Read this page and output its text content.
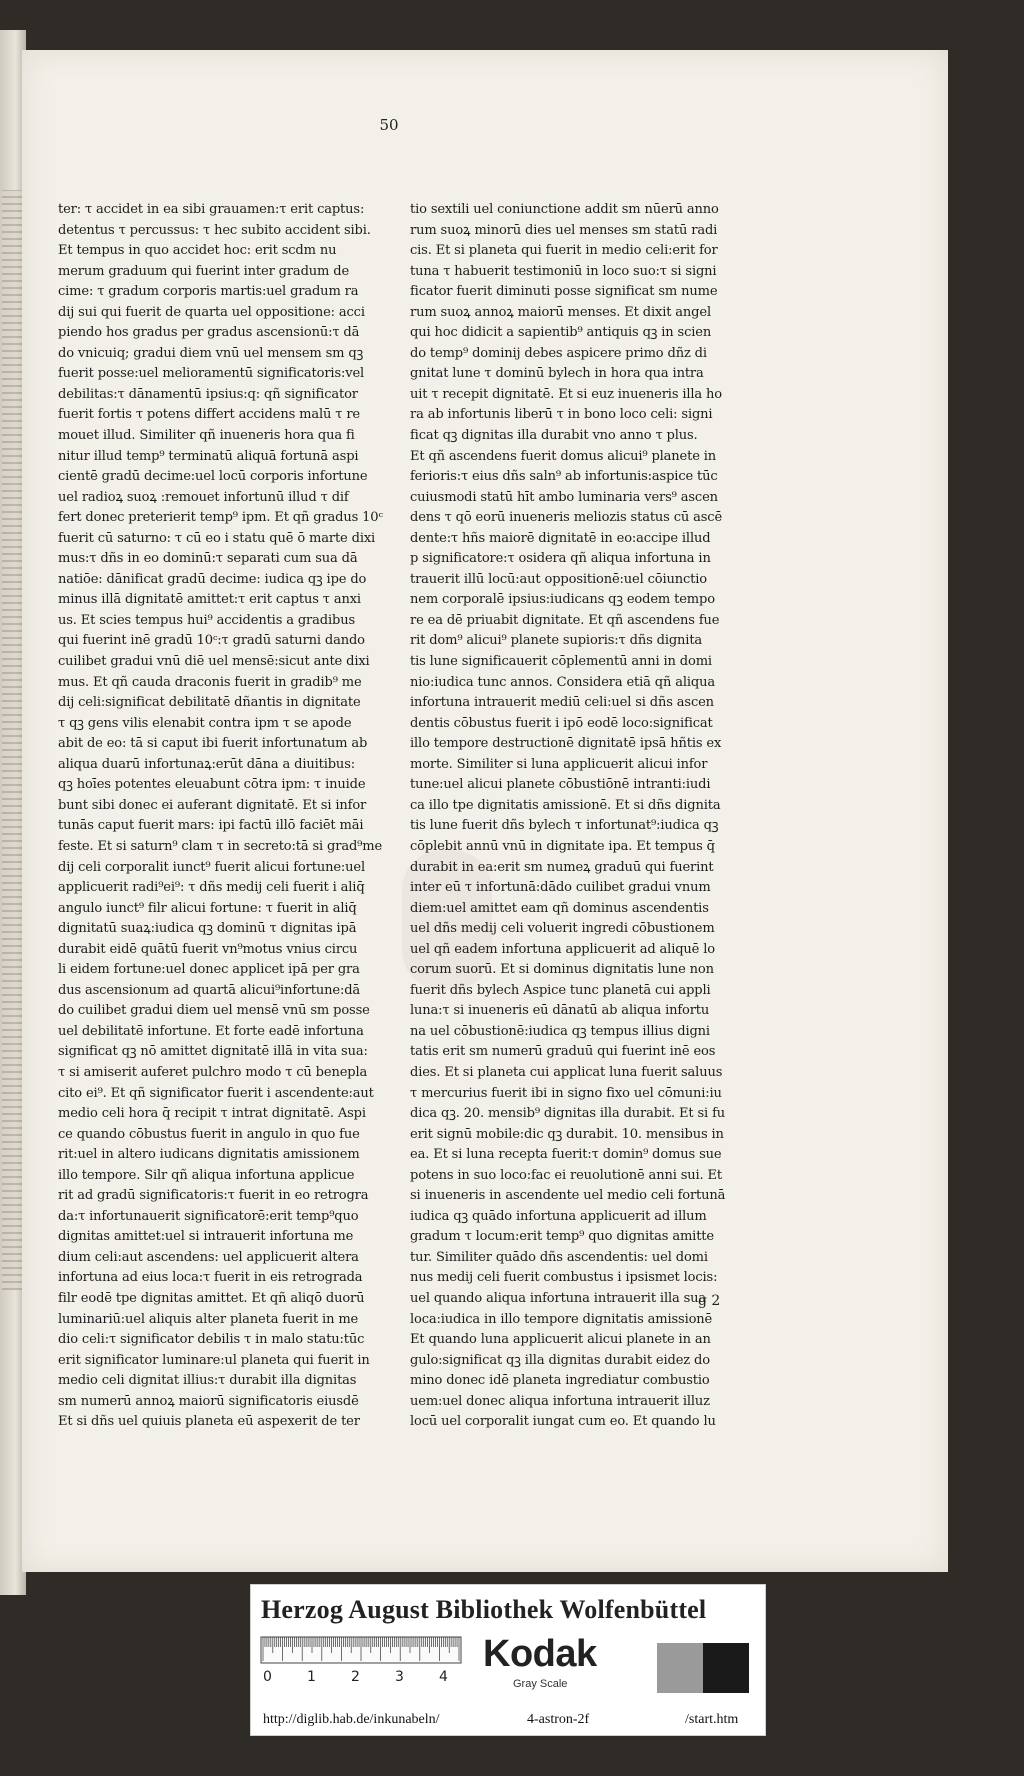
50
ter: τ accidet in ea sibi grauamen:τ erit captus:
detentus τ percussus: τ hec subito accident sibi.
Et tempus in quo accidet hoc: erit scdm nu
merum graduum qui fuerint inter gradum de
cime: τ gradum corporis martis:uel gradum ra
dij sui qui fuerit de quarta uel oppositione: acci
piendo hos gradus per gradus ascensionū:τ dā
do vnicuiq; gradui diem vnū uel mensem sm qꝫ
fuerit posse:uel melioramentū significatoris:vel
debilitas:τ dānamentū ipsius:q: qñ significator
fuerit fortis τ potens differt accidens malū τ re
mouet illud. Similiter qñ inueneris hora qua fi
nitur illud temp⁹ terminatū aliquā fortunā aspi
cientē gradū decime:uel locū corporis infortune
uel radioꝝ suoꝝ :remouet infortunū illud τ dif
fert donec preterierit temp⁹ ipm. Et qñ gradus 10ᶜ
fuerit cū saturno: τ cū eo i statu quē ō marte dixi
mus:τ dñs in eo dominū:τ separati cum sua dā
natiōe: dānificat gradū decime: iudica qꝫ ipe do
minus illā dignitatē amittet:τ erit captus τ anxi
us. Et scies tempus hui⁹ accidentis a gradibus
qui fuerint inē gradū 10ᶜ:τ gradū saturni dando
cuilibet gradui vnū diē uel mensē:sicut ante dixi
mus. Et qñ cauda draconis fuerit in gradib⁹ me
dij celi:significat debilitatē dñantis in dignitate
τ qꝫ gens vilis elenabit contra ipm τ se apode
abit de eo: tā si caput ibi fuerit infortunatum ab
aliqua duarū infortunaꝝ:erūt dāna a diuitibus:
qꝫ hoīes potentes eleuabunt cōtra ipm: τ inuide
bunt sibi donec ei auferant dignitatē. Et si infor
tunās caput fuerit mars: ipi factū illō faciēt māi
feste. Et si saturn⁹ clam τ in secreto:tā si grad⁹me
dij celi corporalit iunct⁹ fuerit alicui fortune:uel
applicuerit radi⁹ei⁹: τ dñs medij celi fuerit i aliq̄
angulo iunct⁹ filr alicui fortune: τ fuerit in aliq̄
dignitatū suaꝝ:iudica qꝫ dominū τ dignitas ipā
durabit eidē quātū fuerit vn⁹motus vnius circu
li eidem fortune:uel donec applicet ipā per gra
dus ascensionum ad quartā alicui⁹infortune:dā
do cuilibet gradui diem uel mensē vnū sm posse
uel debilitatē infortune. Et forte eadē infortuna
significat qꝫ nō amittet dignitatē illā in vita sua:
τ si amiserit auferet pulchro modo τ cū benepla
cito ei⁹. Et qñ significator fuerit i ascendente:aut
medio celi hora q̄ recipit τ intrat dignitatē. Aspi
ce quando cōbustus fuerit in angulo in quo fue
rit:uel in altero iudicans dignitatis amissionem
illo tempore. Silr qñ aliqua infortuna applicue
rit ad gradū significatoris:τ fuerit in eo retrogra
da:τ infortunauerit significatorē:erit temp⁹quo
dignitas amittet:uel si intrauerit infortuna me
dium celi:aut ascendens: uel applicuerit altera
infortuna ad eius loca:τ fuerit in eis retrograda
filr eodē tpe dignitas amittet. Et qñ aliqō duorū
luminariū:uel aliquis alter planeta fuerit in me
dio celi:τ significator debilis τ in malo statu:tūc
erit significator luminare:ul planeta qui fuerit in
medio celi dignitat illius:τ durabit illa dignitas
sm numerū annoꝝ maiorū significatoris eiusdē
Et si dñs uel quiuis planeta eū aspexerit de ter
tio sextili uel coniunctione addit sm nūerū anno
rum suoꝝ minorū dies uel menses sm statū radi
cis. Et si planeta qui fuerit in medio celi:erit for
tuna τ habuerit testimoniū in loco suo:τ si signi
ficator fuerit diminuti posse significat sm nume
rum suoꝝ annoꝝ maiorū menses. Et dixit angel
qui hoc didicit a sapientib⁹ antiquis qꝫ in scien
do temp⁹ dominij debes aspicere primo dñz di
gnitat lune τ dominū bylech in hora qua intra
uit τ recepit dignitatē. Et si euz inueneris illa ho
ra ab infortunis liberū τ in bono loco celi: signi
ficat qꝫ dignitas illa durabit vno anno τ plus.
Et qñ ascendens fuerit domus alicui⁹ planete in
ferioris:τ eius dñs saln⁹ ab infortunis:aspice tūc
cuiusmodi statū hīt ambo luminaria vers⁹ ascen
dens τ qō eorū inueneris meliozis status cū ascē
dente:τ hñs maiorē dignitatē in eo:accipe illud
p significatore:τ osidera qñ aliqua infortuna in
trauerit illū locū:aut oppositionē:uel cōiunctio
nem corporalē ipsius:iudicans qꝫ eodem tempo
re ea dē priuabit dignitate. Et qñ ascendens fue
rit dom⁹ alicui⁹ planete supioris:τ dñs dignita
tis lune significauerit cōplementū anni in domi
nio:iudica tunc annos. Considera etiā qñ aliqua
infortuna intrauerit mediū celi:uel si dñs ascen
dentis cōbustus fuerit i ipō eodē loco:significat
illo tempore destructionē dignitatē ipsā hñtis ex
morte. Similiter si luna applicuerit alicui infor
tune:uel alicui planete cōbustiōnē intranti:iudi
ca illo tpe dignitatis amissionē. Et si dñs dignita
tis lune fuerit dñs bylech τ infortunat⁹:iudica qꝫ
cōplebit annū vnū in dignitate ipa. Et tempus q̄
durabit in ea:erit sm numeꝝ graduū qui fuerint
inter eū τ infortunā:dādo cuilibet gradui vnum
diem:uel amittet eam qñ dominus ascendentis
uel dñs medij celi voluerit ingredi cōbustionem
uel qñ eadem infortuna applicuerit ad aliquē lo
corum suorū. Et si dominus dignitatis lune non
fuerit dñs bylech Aspice tunc planetā cui appli
luna:τ si inueneris eū dānatū ab aliqua infortu
na uel cōbustionē:iudica qꝫ tempus illius digni
tatis erit sm numerū graduū qui fuerint inē eos
dies. Et si planeta cui applicat luna fuerit saluus
τ mercurius fuerit ibi in signo fixo uel cōmuni:iu
dica qꝫ. 20. mensib⁹ dignitas illa durabit. Et si fu
erit signū mobile:dic qꝫ durabit. 10. mensibus in
ea. Et si luna recepta fuerit:τ domin⁹ domus sue
potens in suo loco:fac ei reuolutionē anni sui. Et
si inueneris in ascendente uel medio celi fortunā
iudica qꝫ quādo infortuna applicuerit ad illum
gradum τ locum:erit temp⁹ quo dignitas amitte
tur. Similiter quādo dñs ascendentis: uel domi
nus medij celi fuerit combustus i ipsismet locis:
uel quando aliqua infortuna intrauerit illa sua
loca:iudica in illo tempore dignitatis amissionē
Et quando luna applicuerit alicui planete in an
gulo:significat qꝫ illa dignitas durabit eidez do
mino donec idē planeta ingrediatur combustio
uem:uel donec aliqua infortuna intrauerit illuz
locū uel corporalit iungat cum eo. Et quando lu
g 2
Herzog August Bibliothek Wolfenbüttel
0	1	2	3	4
Kodak
Gray Scale
http://diglib.hab.de/inkunabeln/	4-astron-2f	/start.htm
